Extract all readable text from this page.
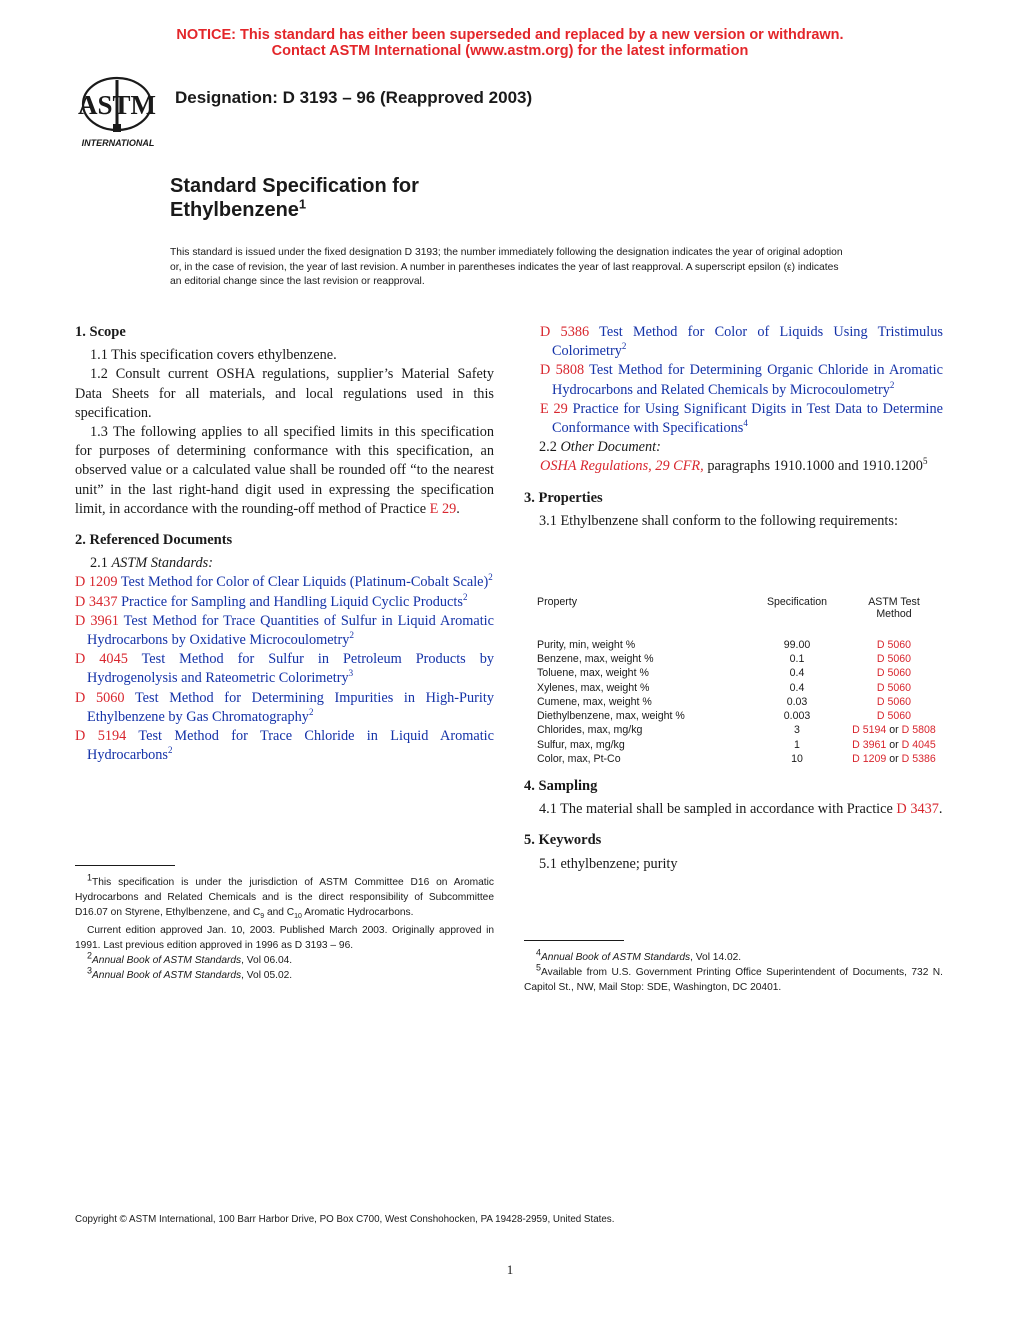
NOTICE: This standard has either been superseded and replaced by a new version or withdrawn.
Contact ASTM International (www.astm.org) for the latest information
ASTM
INTERNATIONAL
Designation: D 3193 – 96 (Reapproved 2003)
Standard Specification for
Ethylbenzene$^1$
This standard is issued under the fixed designation D 3193; the number immediately following the designation indicates the year of original adoption or, in the case of revision, the year of last revision. A number in parentheses indicates the year of last reapproval. A superscript epsilon (ε) indicates an editorial change since the last revision or reapproval.
1. Scope

1.1 This specification covers ethylbenzene.

1.2 Consult current OSHA regulations, supplier’s Material Safety Data Sheets for all materials, and local regulations used in this specification.

1.3 The following applies to all specified limits in this specification for purposes of determining conformance with this specification, an observed value or a calculated value shall be rounded off “to the nearest unit” in the last right-hand digit used in expressing the specification limit, in accordance with the rounding-off method of Practice E 29.

2. Referenced Documents

2.1 ASTM Standards:

D 1209 Test Method for Color of Clear Liquids (Platinum-Cobalt Scale)$^2$

D 3437 Practice for Sampling and Handling Liquid Cyclic Products$^2$

D 3961 Test Method for Trace Quantities of Sulfur in Liquid Aromatic Hydrocarbons by Oxidative Microcoulometry$^2$

D 4045 Test Method for Sulfur in Petroleum Products by Hydrogenolysis and Rateometric Colorimetry$^3$

D 5060 Test Method for Determining Impurities in High-Purity Ethylbenzene by Gas Chromatography$^2$

D 5194 Test Method for Trace Chloride in Liquid Aromatic Hydrocarbons$^2$

$^1$This specification is under the jurisdiction of ASTM Committee D16 on Aromatic Hydrocarbons and Related Chemicals and is the direct responsibility of Subcommittee D16.07 on Styrene, Ethylbenzene, and $C_9$ and $C_{10}$ Aromatic Hydrocarbons.

Current edition approved Jan. 10, 2003. Published March 2003. Originally approved in 1991. Last previous edition approved in 1996 as D 3193 – 96.

$^2$Annual Book of ASTM Standards, Vol 06.04.

$^3$Annual Book of ASTM Standards, Vol 05.02.

D 5386 Test Method for Color of Liquids Using Tristimulus Colorimetry$^2$

D 5808 Test Method for Determining Organic Chloride in Aromatic Hydrocarbons and Related Chemicals by Microcoulometry$^2$

E 29 Practice for Using Significant Digits in Test Data to Determine Conformance with Specifications$^4$

2.2 Other Document:

OSHA Regulations, 29 CFR, paragraphs 1910.1000 and 1910.1200$^5$

3. Properties

3.1 Ethylbenzene shall conform to the following requirements:

Property	Specification	ASTM Test
Method
Purity, min, weight %	99.00	D 5060
Benzene, max, weight %	0.1	D 5060
Toluene, max, weight %	0.4	D 5060
Xylenes, max, weight %	0.4	D 5060
Cumene, max, weight %	0.03	D 5060
Diethylbenzene, max, weight %	0.003	D 5060
Chlorides, max, mg/kg	3	D 5194 or D 5808
Sulfur, max, mg/kg	1	D 3961 or D 4045
Color, max, Pt-Co	10	D 1209 or D 5386
4. Sampling

4.1 The material shall be sampled in accordance with Practice D 3437.

5. Keywords

5.1 ethylbenzene; purity

$^4$Annual Book of ASTM Standards, Vol 14.02.

$^5$Available from U.S. Government Printing Office Superintendent of Documents, 732 N. Capitol St., NW, Mail Stop: SDE, Washington, DC 20401.

Copyright © ASTM International, 100 Barr Harbor Drive, PO Box C700, West Conshohocken, PA 19428-2959, United States.
1
